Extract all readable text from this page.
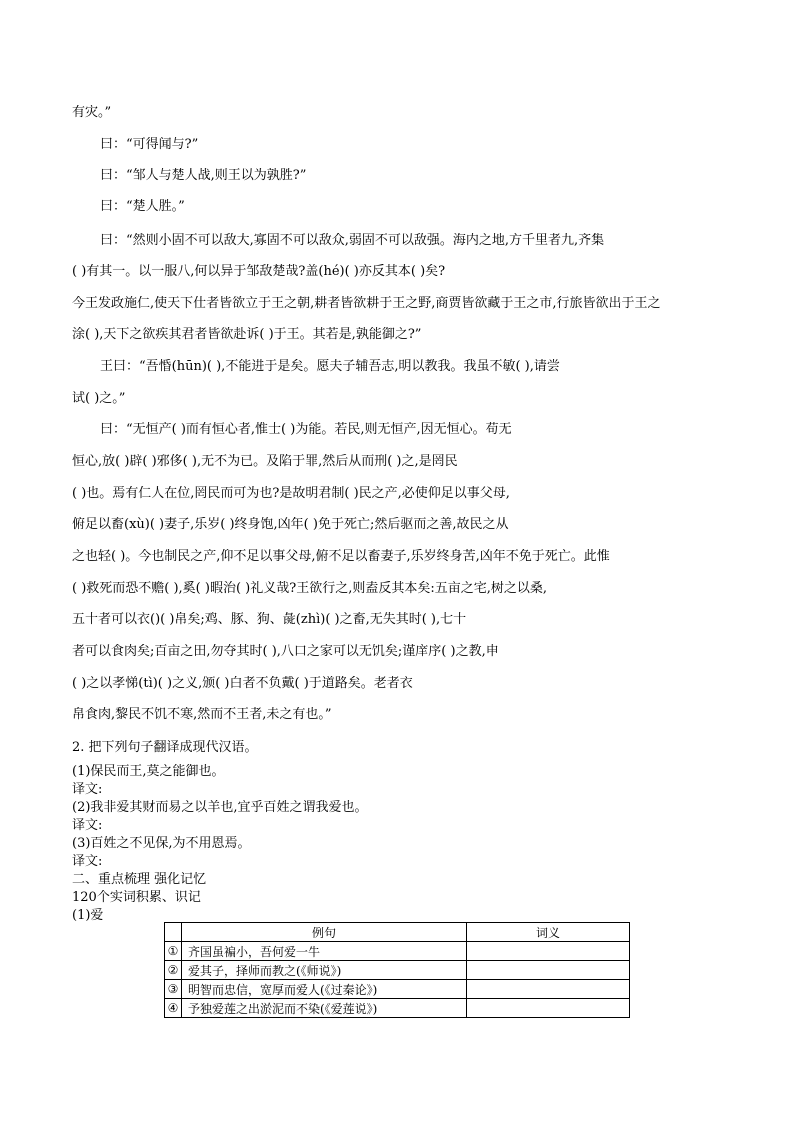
有灾。”
曰：“可得闻与?”
曰：“邹人与楚人战,则王以为孰胜?”
曰：“楚人胜。”
曰：“然则小固不可以敌大,寡固不可以敌众,弱固不可以敌强。海内之地,方千里者九,齐集
( )有其一。以一服八,何以异于邹敌楚哉?盖(hé)( )亦反其本( )矣?
今王发政施仁,使天下仕者皆欲立于王之朝,耕者皆欲耕于王之野,商贾皆欲藏于王之市,行旅皆欲出于王之
涂( ),天下之欲疾其君者皆欲赴诉( )于王。其若是,孰能御之?”
王曰：“吾惛(hūn)( ),不能进于是矣。愿夫子辅吾志,明以教我。我虽不敏( ),请尝
试( )之。”
曰：“无恒产( )而有恒心者,惟士( )为能。若民,则无恒产,因无恒心。苟无
恒心,放( )辟( )邪侈( ),无不为已。及陷于罪,然后从而刑( )之,是罔民
( )也。焉有仁人在位,罔民而可为也?是故明君制( )民之产,必使仰足以事父母,
俯足以畜(xù)( )妻子,乐岁( )终身饱,凶年( )免于死亡;然后驱而之善,故民之从
之也轻( )。今也制民之产,仰不足以事父母,俯不足以畜妻子,乐岁终身苦,凶年不免于死亡。此惟
( )救死而恐不赡( ),奚( )暇治( )礼义哉?王欲行之,则盍反其本矣:五亩之宅,树之以桑,
五十者可以衣()( )帛矣;鸡、豚、狗、彘(zhì)( )之畜,无失其时( ),七十
者可以食肉矣;百亩之田,勿夺其时( ),八口之家可以无饥矣;谨庠序( )之教,申
( )之以孝悌(tì)( )之义,颁( )白者不负戴( )于道路矣。老者衣
帛食肉,黎民不饥不寒,然而不王者,未之有也。”
2. 把下列句子翻译成现代汉语。
(1)保民而王,莫之能御也。
译文:
(2)我非爱其财而易之以羊也,宜乎百姓之谓我爱也。
译文:
(3)百姓之不见保,为不用恩焉。
译文:
二、重点梳理 强化记忆
120个实词积累、识记
(1)爱
	例句	词义
①	齐国虽褊小，吾何爱一牛	
②	爱其子，择师而教之(《师说》)	
③	明智而忠信，宽厚而爱人(《过秦论》)	
④	予独爱莲之出淤泥而不染(《爱莲说》)	
